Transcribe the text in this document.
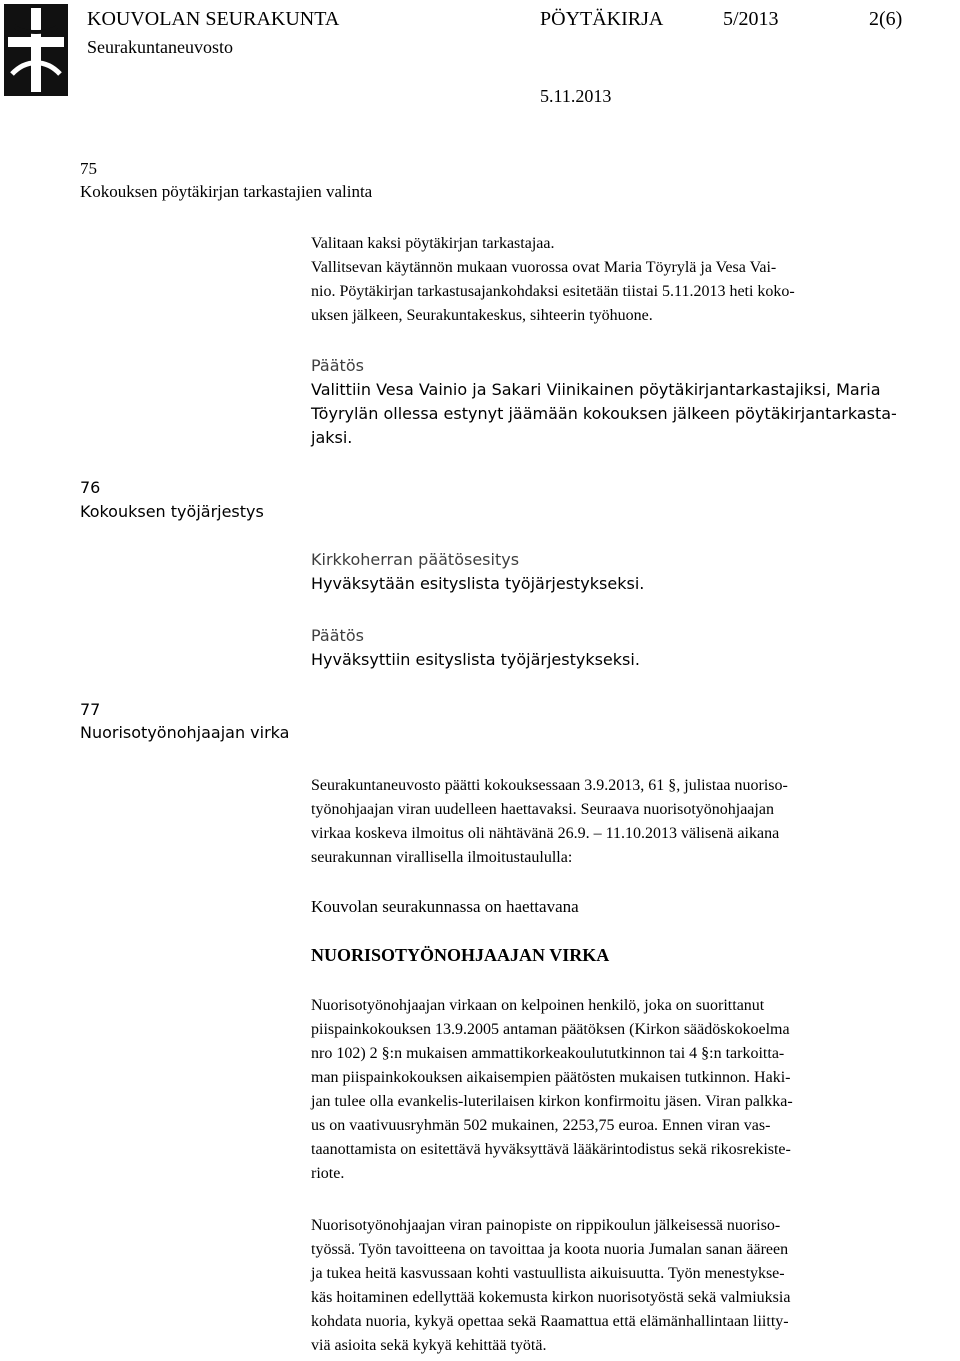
KOUVOLAN SEURAKUNTA
Seurakuntaneuvosto
PÖYTÄKIRJA	5/2013	2(6)
5.11.2013
75
Kokouksen pöytäkirjan tarkastajien valinta
Valitaan kaksi pöytäkirjan tarkastajaa.
Vallitsevan käytännön mukaan vuorossa ovat Maria Töyrylä ja Vesa Vai-
nio. Pöytäkirjan tarkastusajankohdaksi esitetään tiistai 5.11.2013 heti koko-
uksen jälkeen, Seurakuntakeskus, sihteerin työhuone.
Päätös
Valittiin Vesa Vainio ja Sakari Viinikainen pöytäkirjantarkastajiksi, Maria
Töyrylän ollessa estynyt jäämään kokouksen jälkeen pöytäkirjantarkasta-
jaksi.
76
Kokouksen työjärjestys
Kirkkoherran päätösesitys
Hyväksytään esityslista työjärjestykseksi.
Päätös
Hyväksyttiin esityslista työjärjestykseksi.
77
Nuorisotyönohjaajan virka
Seurakuntaneuvosto päätti kokouksessaan 3.9.2013, 61 §, julistaa nuoriso-
työnohjaajan viran uudelleen haettavaksi. Seuraava nuorisotyönohjaajan
virkaa koskeva ilmoitus oli nähtävänä 26.9. – 11.10.2013 välisenä aikana
seurakunnan virallisella ilmoitustaululla:
Kouvolan seurakunnassa on haettavana
NUORISOTYÖNOHJAAJAN VIRKA
Nuorisotyönohjaajan virkaan on kelpoinen henkilö, joka on suorittanut
piispainkokouksen 13.9.2005 antaman päätöksen (Kirkon säädöskokoelma
nro 102) 2 §:n mukaisen ammattikorkeakoulututkinnon tai 4 §:n tarkoitta-
man piispainkokouksen aikaisempien päätösten mukaisen tutkinnon. Haki-
jan tulee olla evankelis-luterilaisen kirkon konfirmoitu jäsen. Viran palkka-
us on vaativuusryhmän 502 mukainen, 2253,75 euroa. Ennen viran vas-
taanottamista on esitettävä hyväksyttävä lääkärintodistus sekä rikosrekiste-
riote.
Nuorisotyönohjaajan viran painopiste on rippikoulun jälkeisessä nuoriso-
työssä. Työn tavoitteena on tavoittaa ja koota nuoria Jumalan sanan ääreen
ja tukea heitä kasvussaan kohti vastuullista aikuisuutta. Työn menestykse-
käs hoitaminen edellyttää kokemusta kirkon nuorisotyöstä sekä valmiuksia
kohdata nuoria, kykyä opettaa sekä Raamattua että elämänhallintaan liitty-
viä asioita sekä kykyä kehittää työtä.
